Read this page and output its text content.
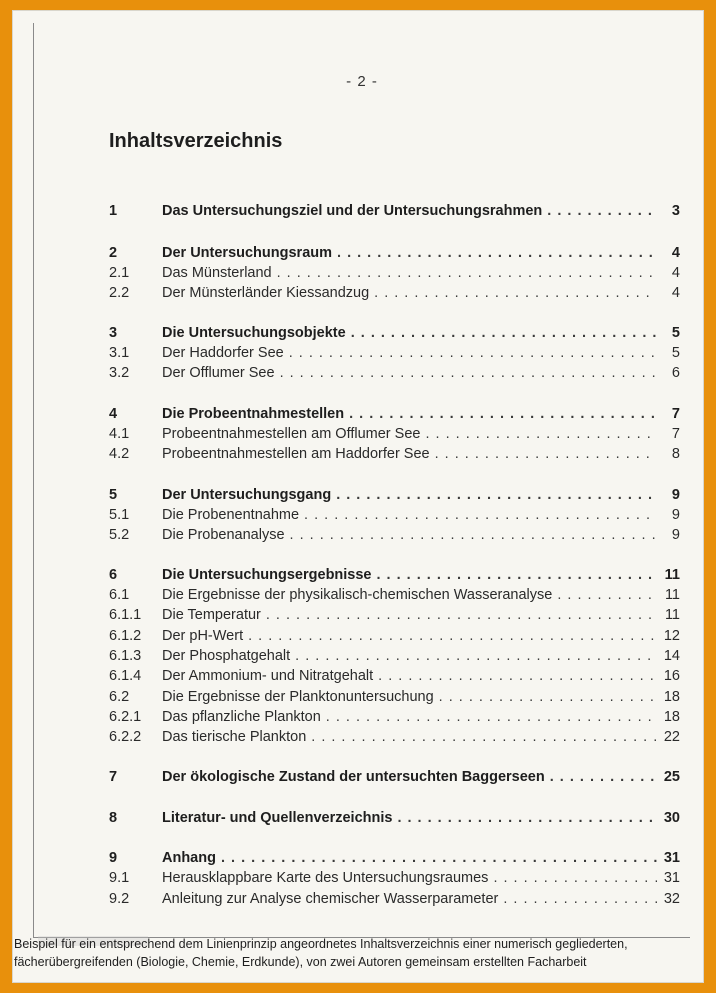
- 2 -
Inhaltsverzeichnis
1	Das Untersuchungsziel und der Untersuchungsrahmen . . .	3
2	Der Untersuchungsraum . . .	4
2.1	Das Münsterland . . .	4
2.2	Der Münsterländer Kiessandzug . . .	4
3	Die Untersuchungsobjekte . . .	5
3.1	Der Haddorfer See . . .	5
3.2	Der Offlumer See . . .	6
4	Die Probeentnahmestellen . . .	7
4.1	Probeentnahmestellen am Offlumer See . . .	7
4.2	Probeentnahmestellen am Haddorfer See . . .	8
5	Der Untersuchungsgang . . .	9
5.1	Die Probenentnahme . . .	9
5.2	Die Probenanalyse . . .	9
6	Die Untersuchungsergebnisse . . .	11
6.1	Die Ergebnisse der physikalisch-chemischen Wasseranalyse . . .	11
6.1.1	Die Temperatur . . .	11
6.1.2	Der pH-Wert . . .	12
6.1.3	Der Phosphatgehalt . . .	14
6.1.4	Der Ammonium- und Nitratgehalt . . .	16
6.2	Die Ergebnisse der Planktonuntersuchung . . .	18
6.2.1	Das pflanzliche Plankton . . .	18
6.2.2	Das tierische Plankton . . .	22
7	Der ökologische Zustand der untersuchten Baggerseen . . .	25
8	Literatur- und Quellenverzeichnis . . .	30
9	Anhang . . .	31
9.1	Herausklappbare Karte des Untersuchungsraumes . . .	31
9.2	Anleitung zur Analyse chemischer Wasserparameter . . .	32
Beispiel für ein entsprechend dem Linienprinzip angeordnetes Inhaltsverzeichnis einer numerisch gegliederten,
fächerübergreifenden (Biologie, Chemie, Erdkunde), von zwei Autoren gemeinsam erstellten Facharbeit
